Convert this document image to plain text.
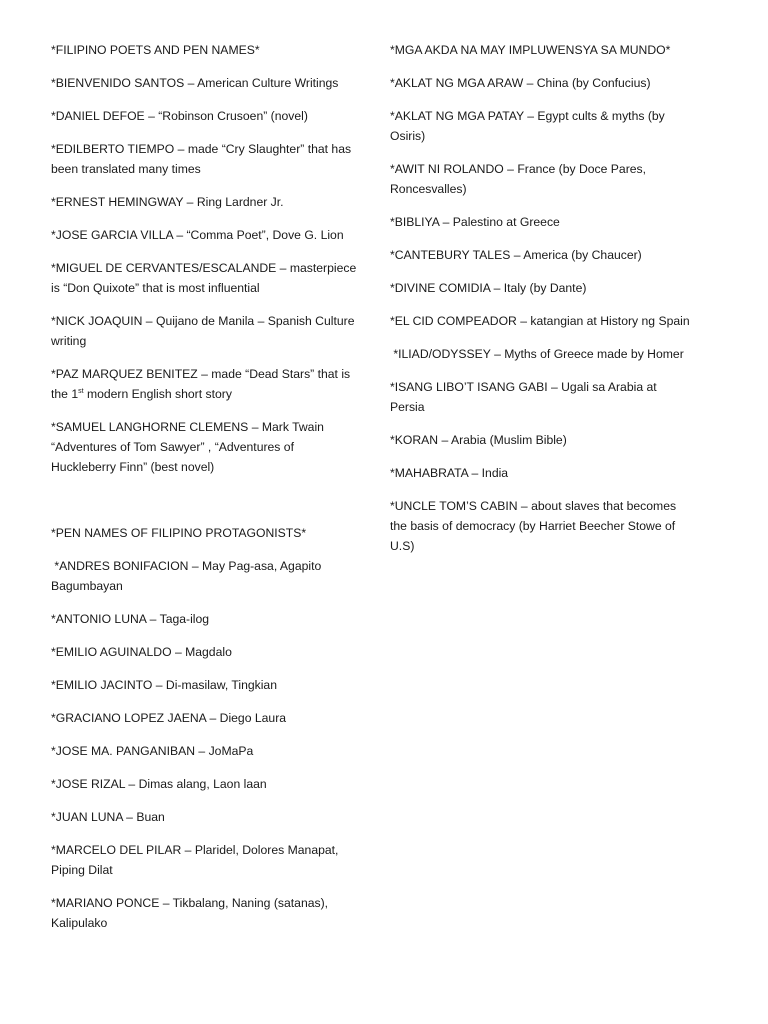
*FILIPINO POETS AND PEN NAMES*

*BIENVENIDO SANTOS – American Culture Writings

*DANIEL DEFOE – “Robinson Crusoen” (novel)

*EDILBERTO TIEMPO – made “Cry Slaughter” that has been translated many times

*ERNEST HEMINGWAY – Ring Lardner Jr.

*JOSE GARCIA VILLA – “Comma Poet”, Dove G. Lion

*MIGUEL DE CERVANTES/ESCALANDE – masterpiece is “Don Quixote” that is most influential

*NICK JOAQUIN – Quijano de Manila – Spanish Culture writing

*PAZ MARQUEZ BENITEZ – made “Dead Stars” that is the 1st modern English short story

*SAMUEL LANGHORNE CLEMENS – Mark Twain “Adventures of Tom Sawyer” , “Adventures of Huckleberry Finn” (best novel)

*PEN NAMES OF FILIPINO PROTAGONISTS*

*ANDRES BONIFACION – May Pag-asa, Agapito Bagumbayan

*ANTONIO LUNA – Taga-ilog

*EMILIO AGUINALDO – Magdalo

*EMILIO JACINTO – Di-masilaw, Tingkian

*GRACIANO LOPEZ JAENA – Diego Laura

*JOSE MA. PANGANIBAN – JoMaPa

*JOSE RIZAL – Dimas alang, Laon laan

*JUAN LUNA – Buan

*MARCELO DEL PILAR – Plaridel, Dolores Manapat, Piping Dilat

*MARIANO PONCE – Tikbalang, Naning (satanas), Kalipulako

*MGA AKDA NA MAY IMPLUWENSYA SA MUNDO*

*AKLAT NG MGA ARAW – China (by Confucius)

*AKLAT NG MGA PATAY – Egypt cults & myths (by Osiris)

*AWIT NI ROLANDO – France (by Doce Pares, Roncesvalles)

*BIBLIYA – Palestino at Greece

*CANTEBURY TALES – America (by Chaucer)

*DIVINE COMIDIA – Italy (by Dante)

*EL CID COMPEADOR – katangian at History ng Spain

*ILIAD/ODYSSEY – Myths of Greece made by Homer

*ISANG LIBO’T ISANG GABI – Ugali sa Arabia at Persia

*KORAN – Arabia (Muslim Bible)

*MAHABRATA – India

*UNCLE TOM’S CABIN – about slaves that becomes the basis of democracy (by Harriet Beecher Stowe of U.S)
